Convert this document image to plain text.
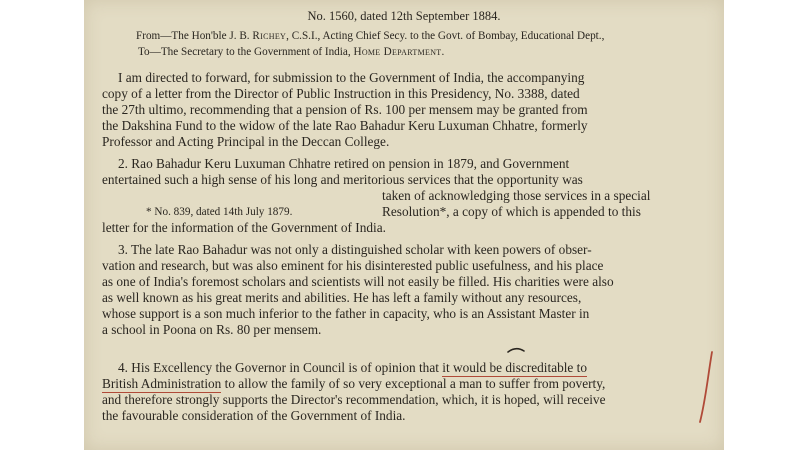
No. 1560, dated 12th September 1884.
From—The Hon'ble J. B. Richey, C.S.I., Acting Chief Secy. to the Govt. of Bombay, Educational Dept.,
To—The Secretary to the Government of India, Home Department.
I am directed to forward, for submission to the Government of India, the accompanying
copy of a letter from the Director of Public Instruction in this Presidency, No. 3388, dated
the 27th ultimo, recommending that a pension of Rs. 100 per mensem may be granted from
the Dakshina Fund to the widow of the late Rao Bahadur Keru Luxuman Chhatre, formerly
Professor and Acting Principal in the Deccan College.
2. Rao Bahadur Keru Luxuman Chhatre retired on pension in 1879, and Government
entertained such a high sense of his long and meritorious services that the opportunity was
taken of acknowledging those services in a special
* No. 839, dated 14th July 1879.	Resolution*, a copy of which is appended to this
letter for the information of the Government of India.
3. The late Rao Bahadur was not only a distinguished scholar with keen powers of obser-
vation and research, but was also eminent for his disinterested public usefulness, and his place
as one of India's foremost scholars and scientists will not easily be filled. His charities were also
as well known as his great merits and abilities. He has left a family without any resources,
whose support is a son much inferior to the father in capacity, who is an Assistant Master in
a school in Poona on Rs. 80 per mensem.
4. His Excellency the Governor in Council is of opinion that it would be discreditable to
British Administration to allow the family of so very exceptional a man to suffer from poverty,
and therefore strongly supports the Director's recommendation, which, it is hoped, will receive
the favourable consideration of the Government of India.
